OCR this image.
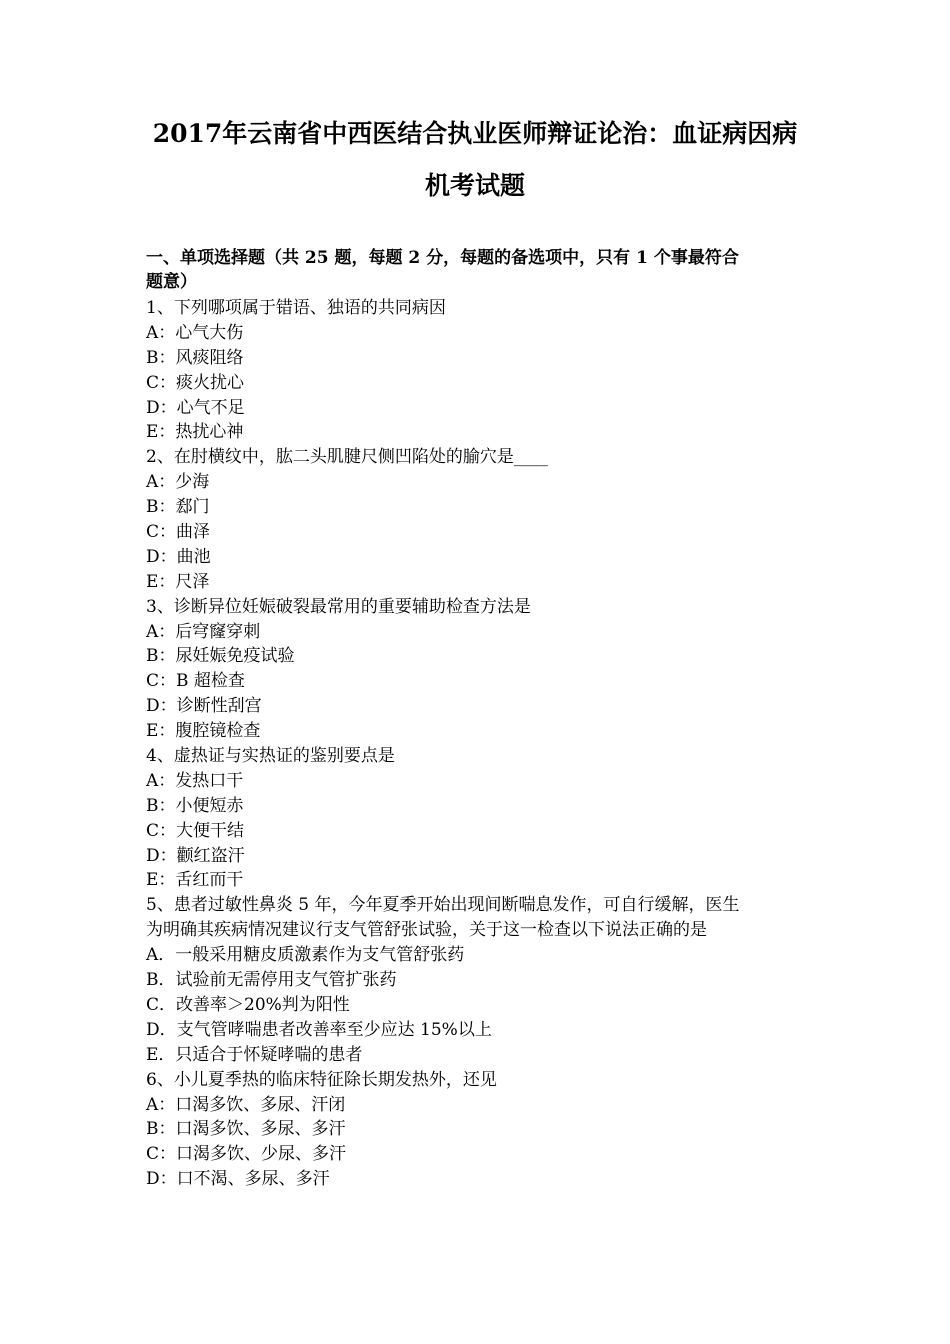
2017年云南省中西医结合执业医师辩证论治：血证病因病
机考试题
一、单项选择题（共 25 题，每题 2 分，每题的备选项中，只有 1 个事最符合
题意）
1、下列哪项属于错语、独语的共同病因
A：心气大伤
B：风痰阻络
C：痰火扰心
D：心气不足
E：热扰心神
2、在肘横纹中，肱二头肌腱尺侧凹陷处的腧穴是____
A：少海
B：郄门
C：曲泽
D：曲池
E：尺泽
3、诊断异位妊娠破裂最常用的重要辅助检查方法是
A：后穹窿穿刺
B：尿妊娠免疫试验
C：B 超检查
D：诊断性刮宫
E：腹腔镜检查
4、虚热证与实热证的鉴别要点是
A：发热口干
B：小便短赤
C：大便干结
D：颧红盗汗
E：舌红而干
5、患者过敏性鼻炎 5 年，今年夏季开始出现间断喘息发作，可自行缓解，医生
为明确其疾病情况建议行支气管舒张试验，关于这一检查以下说法正确的是
A．一般采用糖皮质激素作为支气管舒张药
B．试验前无需停用支气管扩张药
C．改善率＞20%判为阳性
D．支气管哮喘患者改善率至少应达 15%以上
E．只适合于怀疑哮喘的患者
6、小儿夏季热的临床特征除长期发热外，还见
A：口渴多饮、多尿、汗闭
B：口渴多饮、多尿、多汗
C：口渴多饮、少尿、多汗
D：口不渴、多尿、多汗
